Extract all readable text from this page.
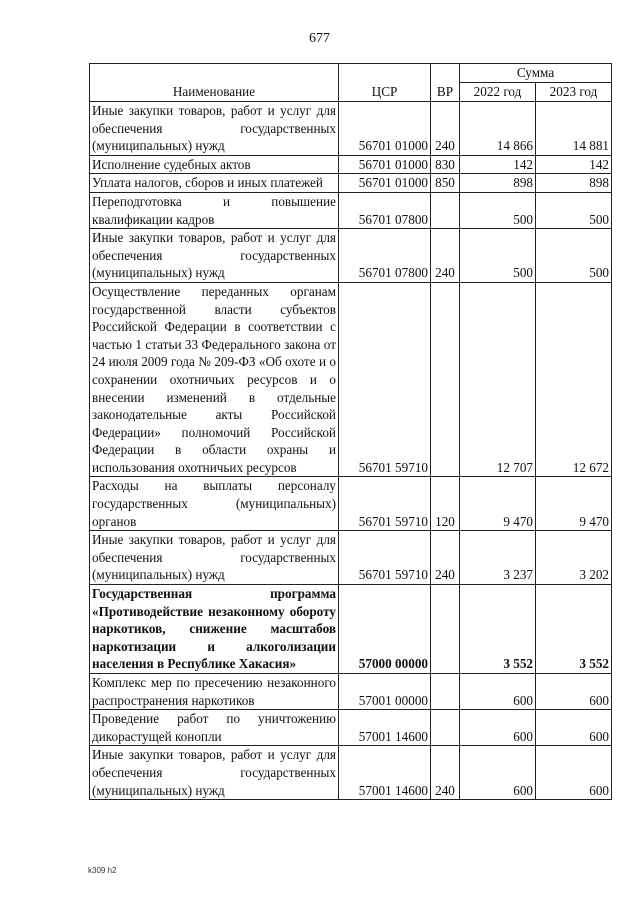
677
Наименование	ЦСР	ВР	Сумма	
			2022 год	2023 год
Иные закупки товаров, работ и услуг для обеспечения государственных (муниципальных) нужд	56701 01000	240	14 866	14 881
Исполнение судебных актов	56701 01000	830	142	142
Уплата налогов, сборов и иных платежей	56701 01000	850	898	898
Переподготовка и повышение квалификации кадров	56701 07800		500	500
Иные закупки товаров, работ и услуг для обеспечения государственных (муниципальных) нужд	56701 07800	240	500	500
Осуществление переданных органам государственной власти субъектов Российской Федерации в соответствии с частью 1 статьи 33 Федерального закона от 24 июля 2009 года № 209-ФЗ «Об охоте и о сохранении охотничьих ресурсов и о внесении изменений в отдельные законодательные акты Российской Федерации» полномочий Российской Федерации в области охраны и использования охотничьих ресурсов	56701 59710		12 707	12 672
Расходы на выплаты персоналу государственных (муниципальных) органов	56701 59710	120	9 470	9 470
Иные закупки товаров, работ и услуг для обеспечения государственных (муниципальных) нужд	56701 59710	240	3 237	3 202
Государственная программа «Противодействие незаконному обороту наркотиков, снижение масштабов наркотизации и алкоголизации населения в Республике Хакасия»	57000 00000		3 552	3 552
Комплекс мер по пресечению незаконного распространения наркотиков	57001 00000		600	600
Проведение работ по уничтожению дикорастущей конопли	57001 14600		600	600
Иные закупки товаров, работ и услуг для обеспечения государственных (муниципальных) нужд	57001 14600	240	600	600
k309 h2
